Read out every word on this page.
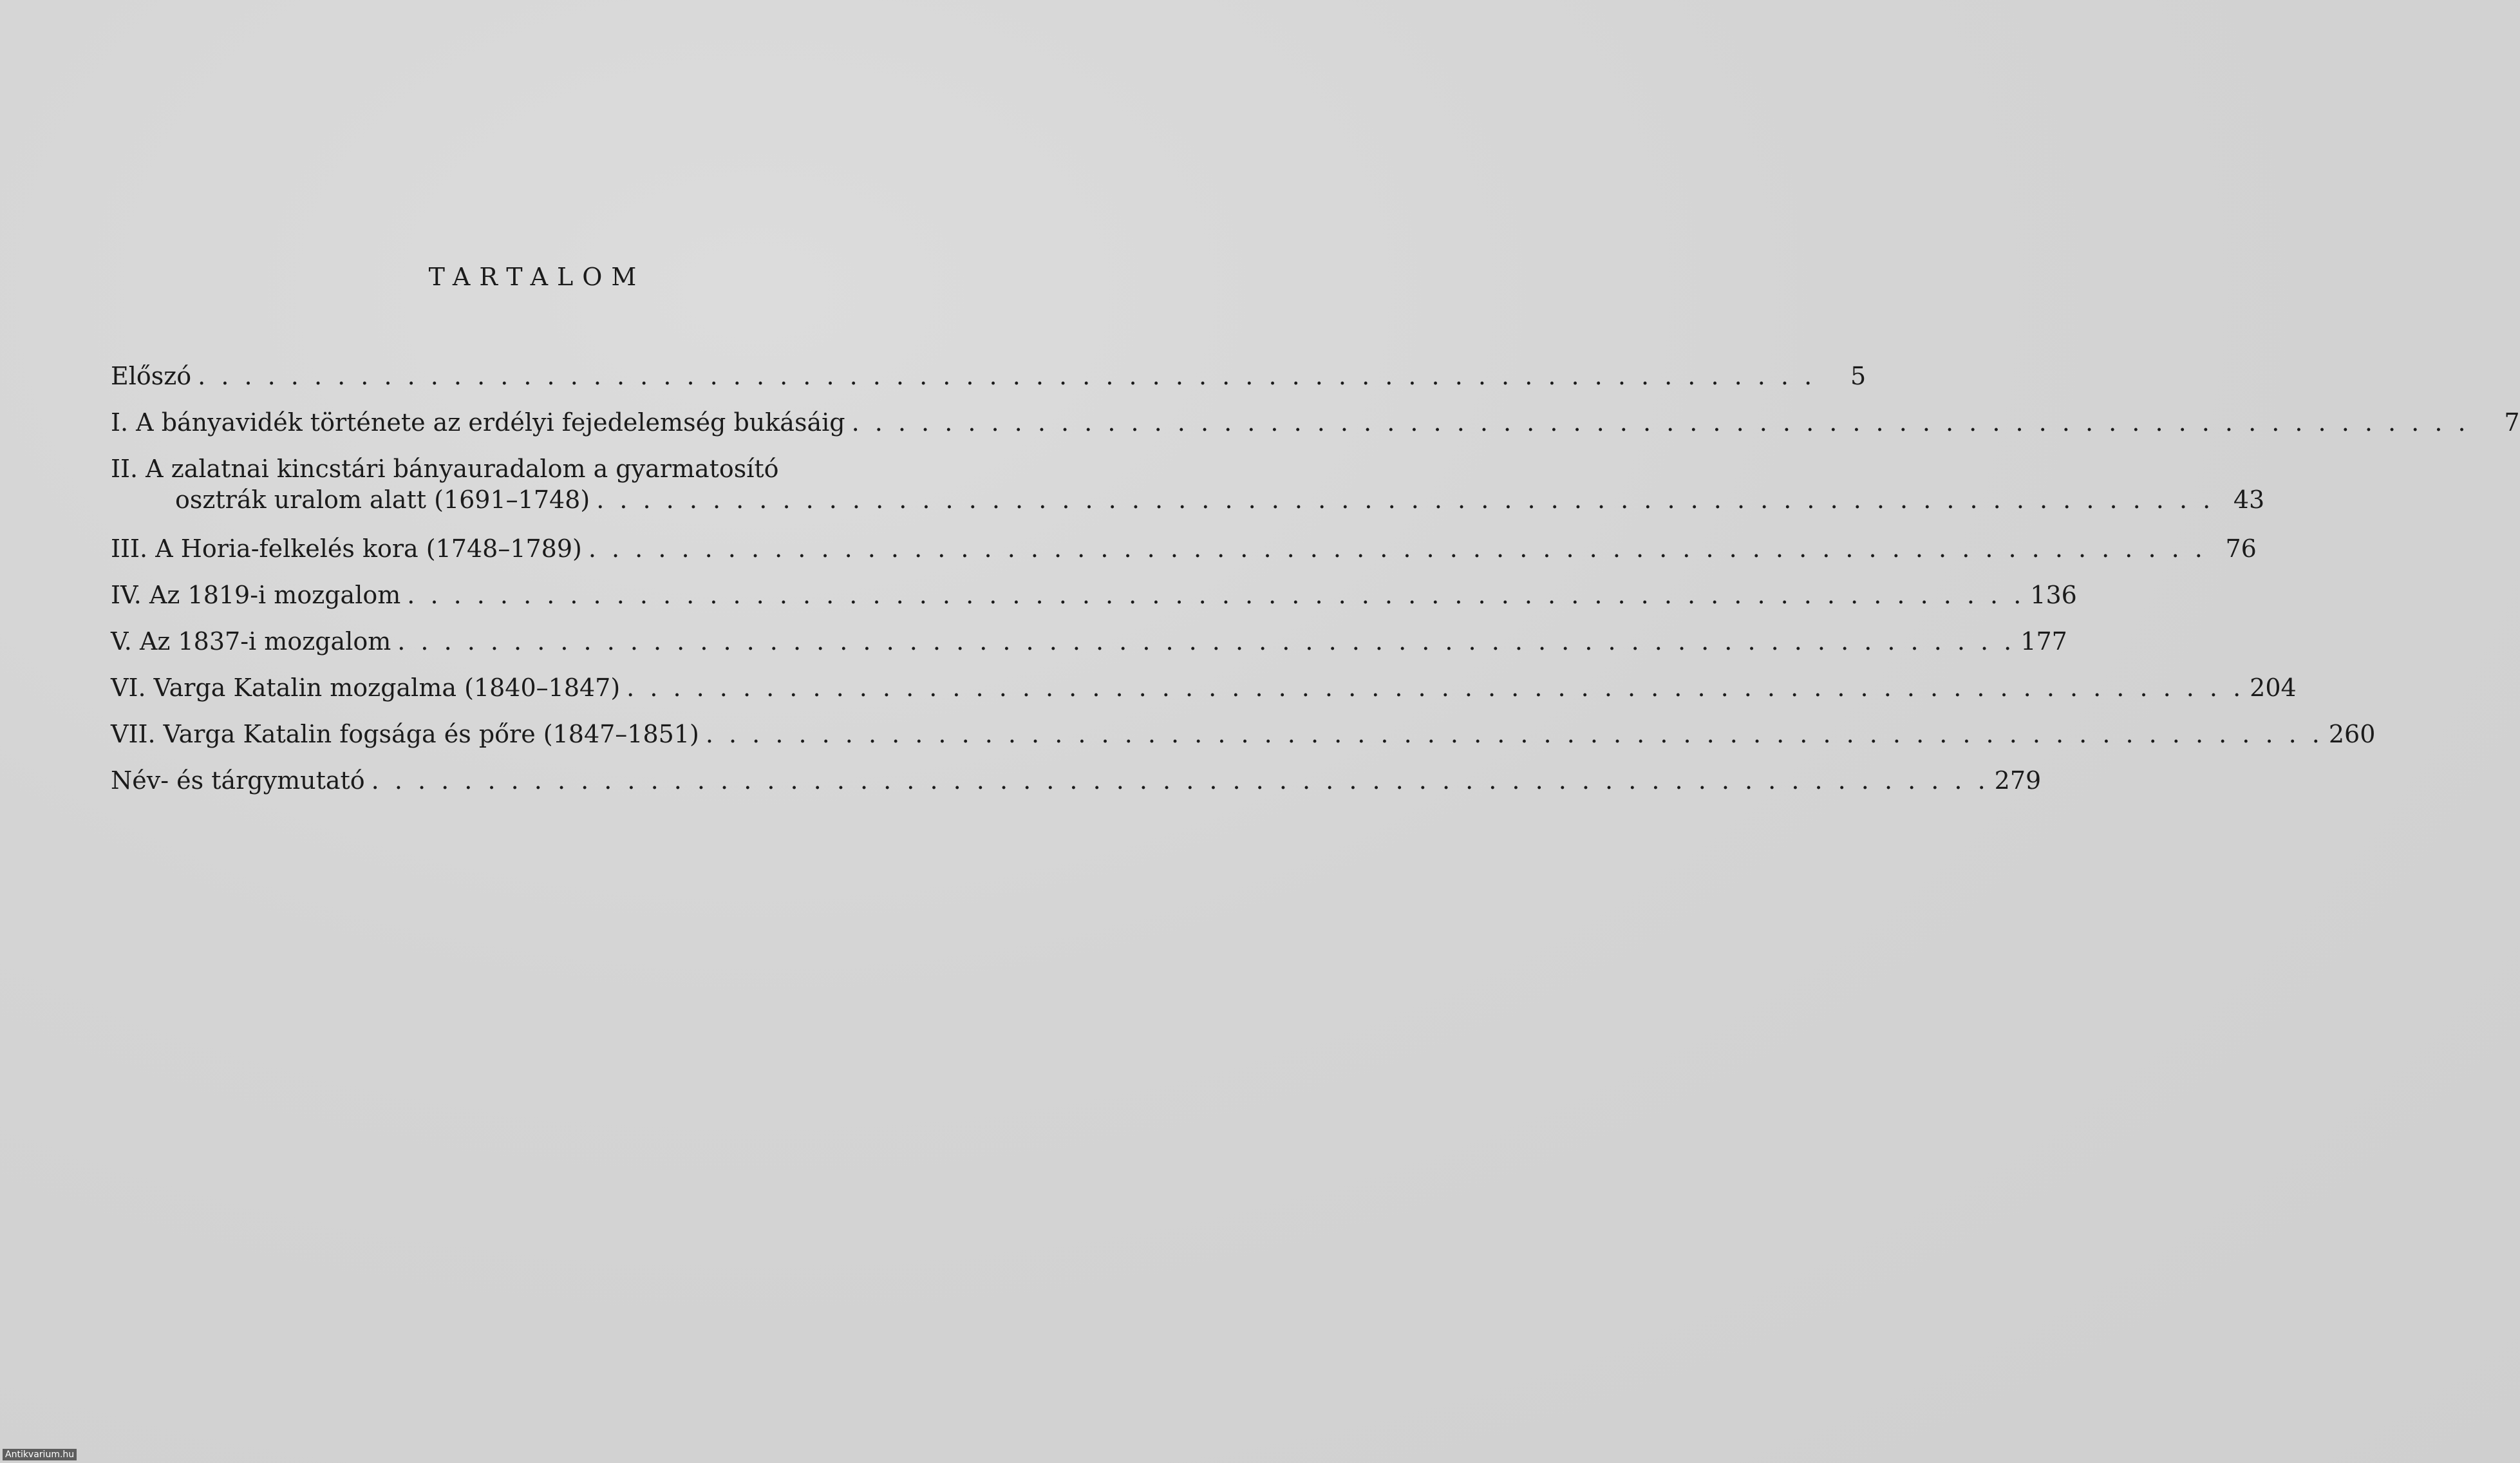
TARTALOM
Előszó . . . . . . . . . . . . . . . . . . . . . . . . . . . . . . . . . . . . . . . . . . . . . . . . . . . . . . . . . . . . . . . . . . . . . .	5
I. A bányavidék története az erdélyi fejedelemség bukásáig . . . . . . . . . . . . . . . . . . . . . . . . . . . . . . . . . . . . . . . . . . . . . . . . . . . . . . . . . . . . . . . . . . . . . .	7
II. A zalatnai kincstári bányauradalom a gyarmatosító
osztrák uralom alatt (1691–1748) . . . . . . . . . . . . . . . . . . . . . . . . . . . . . . . . . . . . . . . . . . . . . . . . . . . . . . . . . . . . . . . . . . . . . . 43
III. A Horia-felkelés kora (1748–1789) . . . . . . . . . . . . . . . . . . . . . . . . . . . . . . . . . . . . . . . . . . . . . . . . . . . . . . . . . . . . . . . . . . . . . . 76
IV. Az 1819-i mozgalom . . . . . . . . . . . . . . . . . . . . . . . . . . . . . . . . . . . . . . . . . . . . . . . . . . . . . . . . . . . . . . . . . . . . . . 136
V. Az 1837-i mozgalom . . . . . . . . . . . . . . . . . . . . . . . . . . . . . . . . . . . . . . . . . . . . . . . . . . . . . . . . . . . . . . . . . . . . . . 177
VI. Varga Katalin mozgalma (1840–1847) . . . . . . . . . . . . . . . . . . . . . . . . . . . . . . . . . . . . . . . . . . . . . . . . . . . . . . . . . . . . . . . . . . . . . . 204
VII. Varga Katalin fogsága és pőre (1847–1851) . . . . . . . . . . . . . . . . . . . . . . . . . . . . . . . . . . . . . . . . . . . . . . . . . . . . . . . . . . . . . . . . . . . . . . 260
Név- és tárgymutató . . . . . . . . . . . . . . . . . . . . . . . . . . . . . . . . . . . . . . . . . . . . . . . . . . . . . . . . . . . . . . . . . . . . . . 279
Antikvarium.hu
